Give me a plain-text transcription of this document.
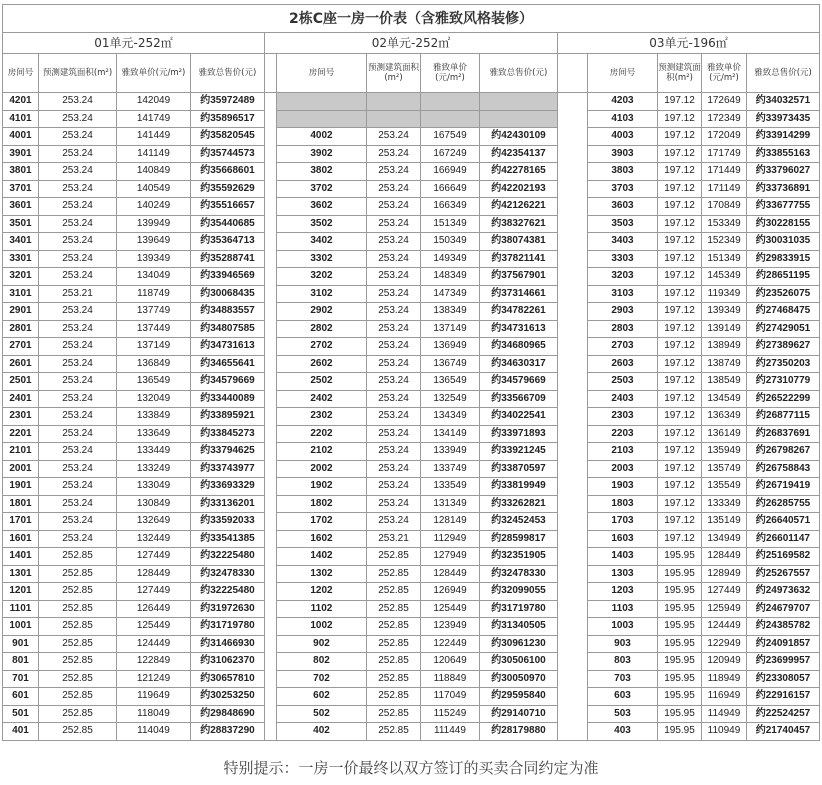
2栋C座一房一价表（含雅致风格装修）													
01单元-252㎡				02单元-252㎡					03单元-196㎡				
房间号	预测建筑面积(m²)	雅致单价(元/m²)	雅致总售价(元)		房间号	预测建筑面积(m²)	雅致单价(元/m²)	雅致总售价(元)		房间号	预测建筑面积(m²)	雅致单价(元/m²)	雅致总售价(元)
4201	253.24	142049	约35972489							4203	197.12	172649	约34032571
4101	253.24	141749	约35896517							4103	197.12	172349	约33973435
4001	253.24	141449	约35820545		4002	253.24	167549	约42430109		4003	197.12	172049	约33914299
3901	253.24	141149	约35744573		3902	253.24	167249	约42354137		3903	197.12	171749	约33855163
3801	253.24	140849	约35668601		3802	253.24	166949	约42278165		3803	197.12	171449	约33796027
3701	253.24	140549	约35592629		3702	253.24	166649	约42202193		3703	197.12	171149	约33736891
3601	253.24	140249	约35516657		3602	253.24	166349	约42126221		3603	197.12	170849	约33677755
3501	253.24	139949	约35440685		3502	253.24	151349	约38327621		3503	197.12	153349	约30228155
3401	253.24	139649	约35364713		3402	253.24	150349	约38074381		3403	197.12	152349	约30031035
3301	253.24	139349	约35288741		3302	253.24	149349	约37821141		3303	197.12	151349	约29833915
3201	253.24	134049	约33946569		3202	253.24	148349	约37567901		3203	197.12	145349	约28651195
3101	253.21	118749	约30068435		3102	253.24	147349	约37314661		3103	197.12	119349	约23526075
2901	253.24	137749	约34883557		2902	253.24	138349	约34782261		2903	197.12	139349	约27468475
2801	253.24	137449	约34807585		2802	253.24	137149	约34731613		2803	197.12	139149	约27429051
2701	253.24	137149	约34731613		2702	253.24	136949	约34680965		2703	197.12	138949	约27389627
2601	253.24	136849	约34655641		2602	253.24	136749	约34630317		2603	197.12	138749	约27350203
2501	253.24	136549	约34579669		2502	253.24	136549	约34579669		2503	197.12	138549	约27310779
2401	253.24	132049	约33440089		2402	253.24	132549	约33566709		2403	197.12	134549	约26522299
2301	253.24	133849	约33895921		2302	253.24	134349	约34022541		2303	197.12	136349	约26877115
2201	253.24	133649	约33845273		2202	253.24	134149	约33971893		2203	197.12	136149	约26837691
2101	253.24	133449	约33794625		2102	253.24	133949	约33921245		2103	197.12	135949	约26798267
2001	253.24	133249	约33743977		2002	253.24	133749	约33870597		2003	197.12	135749	约26758843
1901	253.24	133049	约33693329		1902	253.24	133549	约33819949		1903	197.12	135549	约26719419
1801	253.24	130849	约33136201		1802	253.24	131349	约33262821		1803	197.12	133349	约26285755
1701	253.24	132649	约33592033		1702	253.24	128149	约32452453		1703	197.12	135149	约26640571
1601	253.24	132449	约33541385		1602	253.21	112949	约28599817		1603	197.12	134949	约26601147
1401	252.85	127449	约32225480		1402	252.85	127949	约32351905		1403	195.95	128449	约25169582
1301	252.85	128449	约32478330		1302	252.85	128449	约32478330		1303	195.95	128949	约25267557
1201	252.85	127449	约32225480		1202	252.85	126949	约32099055		1203	195.95	127449	约24973632
1101	252.85	126449	约31972630		1102	252.85	125449	约31719780		1103	195.95	125949	约24679707
1001	252.85	125449	约31719780		1002	252.85	123949	约31340505		1003	195.95	124449	约24385782
901	252.85	124449	约31466930		902	252.85	122449	约30961230		903	195.95	122949	约24091857
801	252.85	122849	约31062370		802	252.85	120649	约30506100		803	195.95	120949	约23699957
701	252.85	121249	约30657810		702	252.85	118849	约30050970		703	195.95	118949	约23308057
601	252.85	119649	约30253250		602	252.85	117049	约29595840		603	195.95	116949	约22916157
501	252.85	118049	约29848690		502	252.85	115249	约29140710		503	195.95	114949	约22524257
401	252.85	114049	约28837290		402	252.85	111449	约28179880		403	195.95	110949	约21740457
特别提示：一房一价最终以双方签订的买卖合同约定为准
